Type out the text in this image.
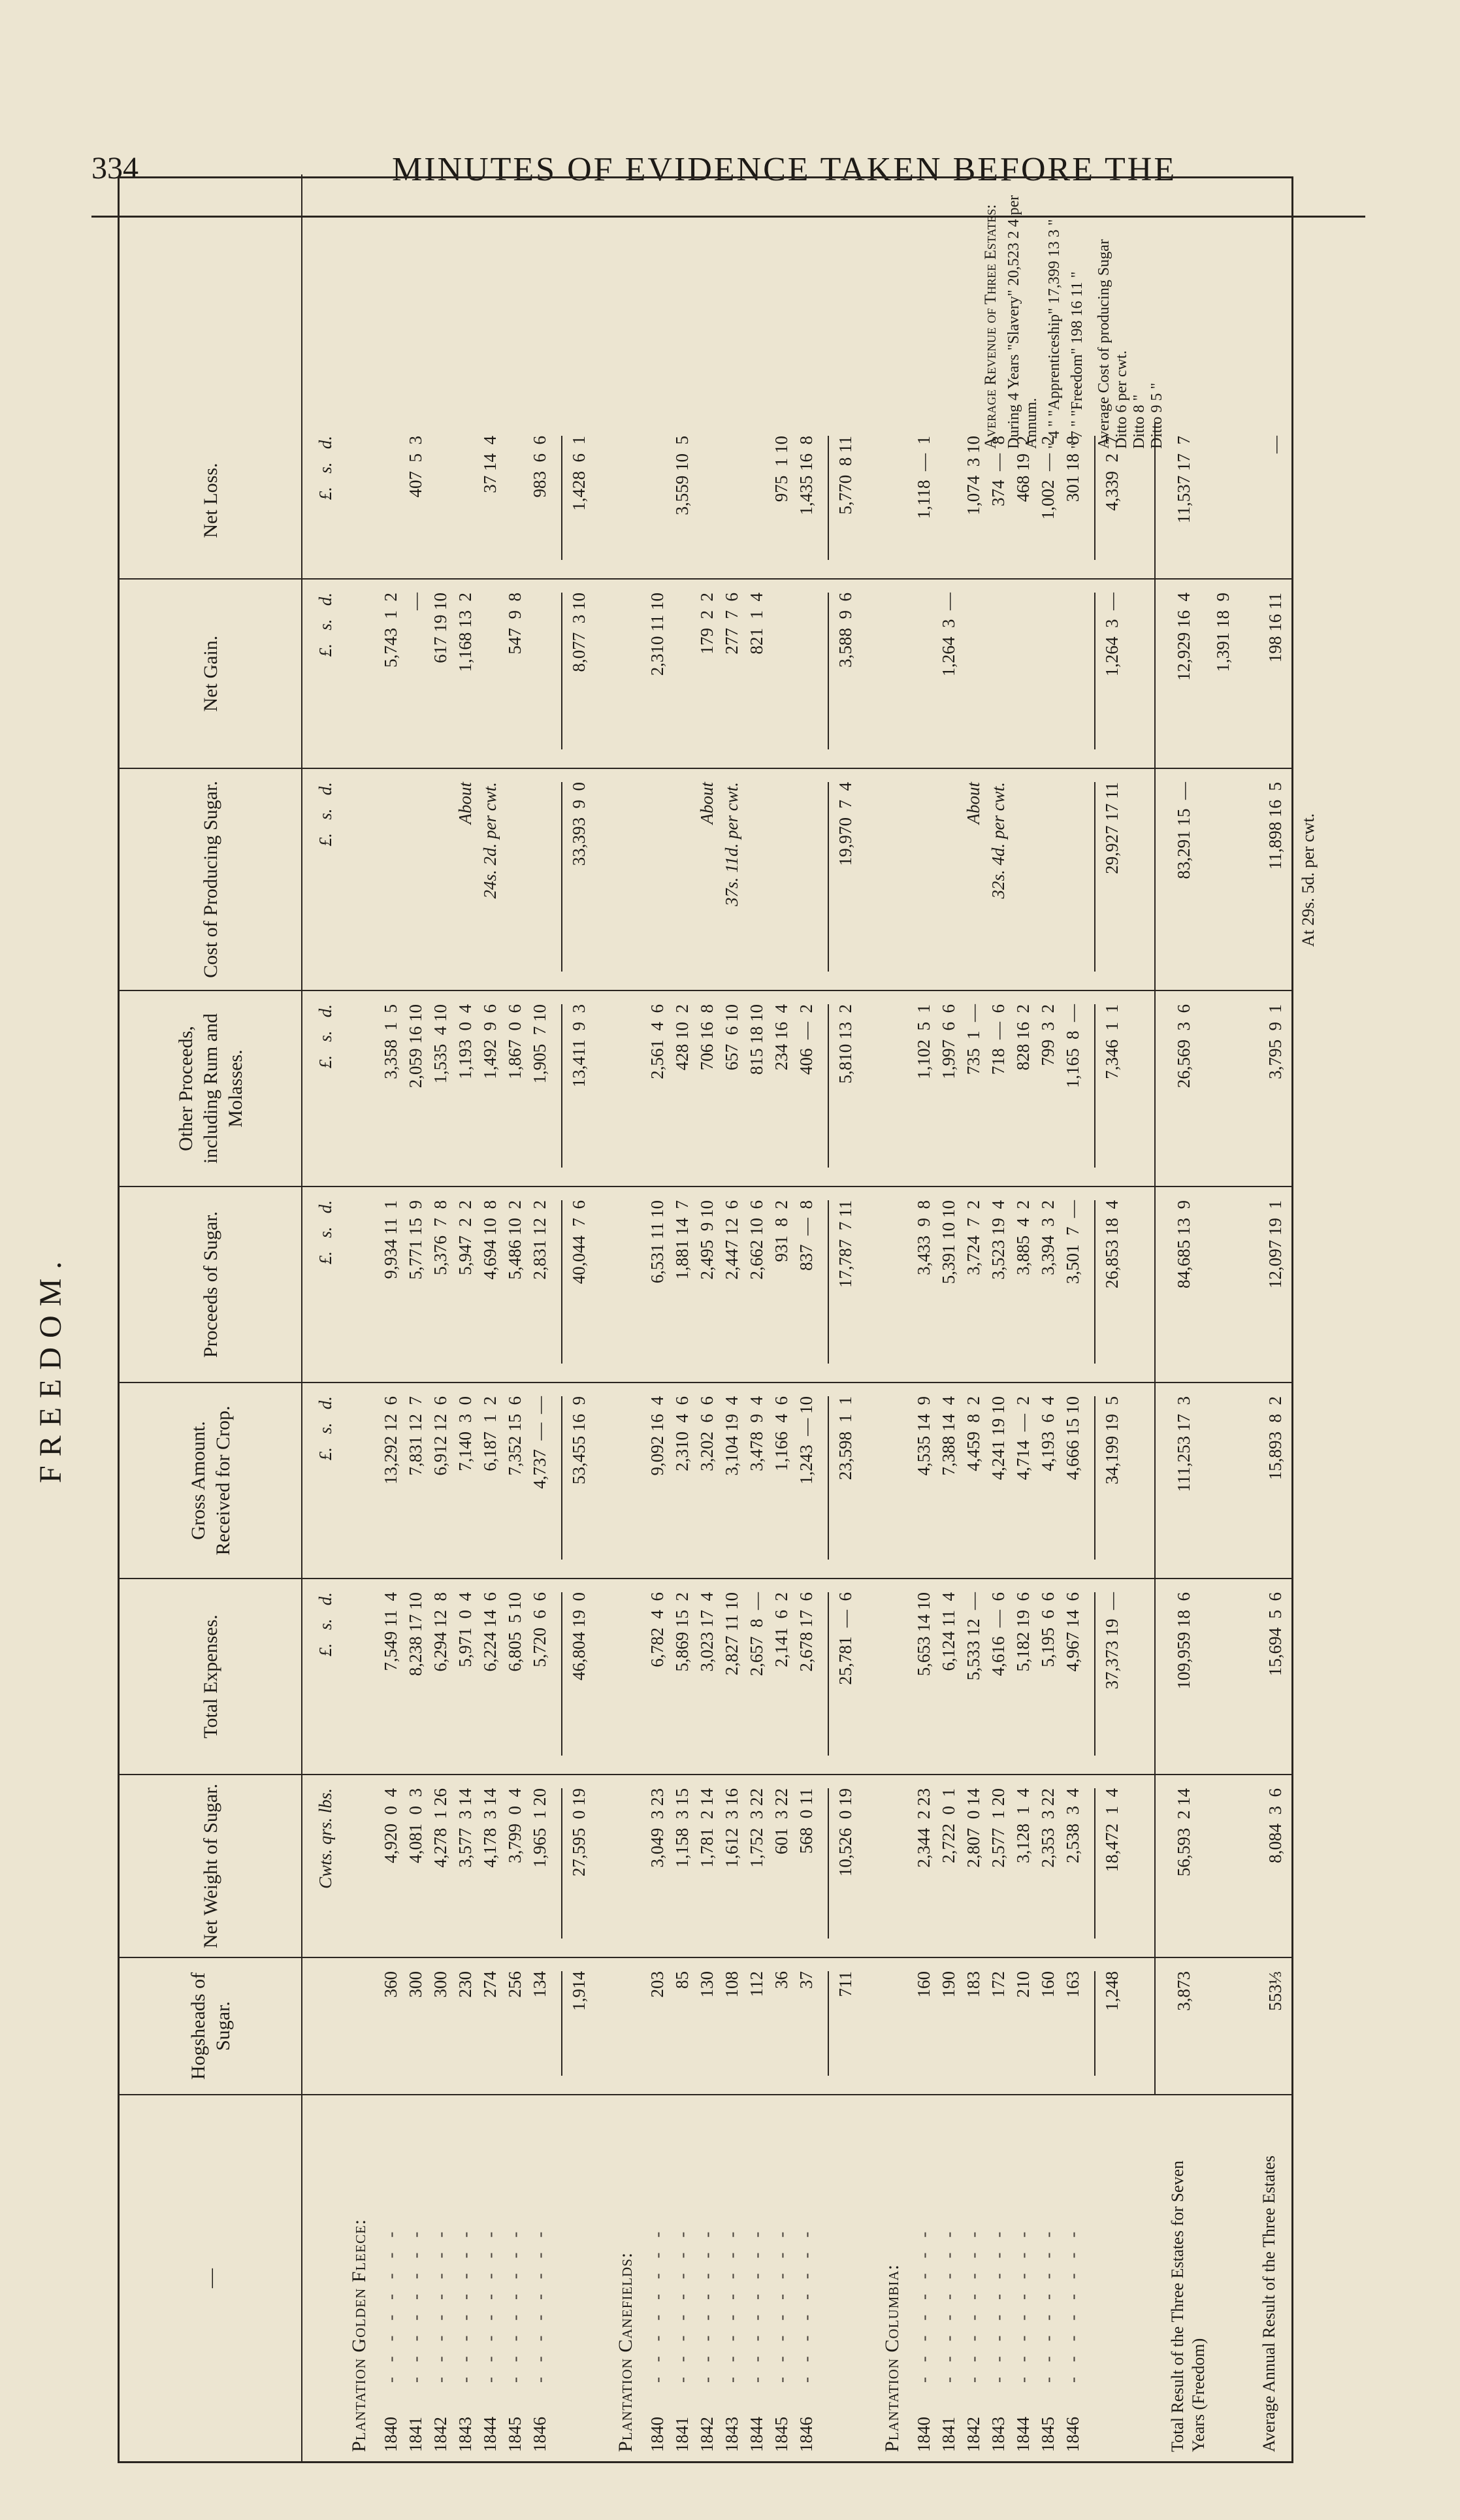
334	MINUTES OF EVIDENCE TAKEN BEFORE THE
FREEDOM.
—
Hogsheads of Sugar.
Net Weight of Sugar.
Total Expenses.
Gross Amount. Received for Crop.
Proceeds of Sugar.
Other Proceeds, including Rum and Molasses.
Cost of Producing Sugar.
Net Gain.
Net Loss.
Cwts. qrs. lbs.
£.   s.   d.
£.   s.   d.
£.   s.   d.
£.   s.   d.
£.   s.   d.
£.   s.   d.
£.   s.   d.
Plantation Golden Fleece: 1840
- - - - - - - -
360
4,920  0  4
7,549 11  4
13,292 12  6
9,934 11  1
3,358  1  5
5,743  1  2
1841
- - - - - - - -
300
4,081  0  3
8,238 17 10
7,831 12  7
5,771 15  9
2,059 16 10
—
407  5  3
1842
- - - - - - - -
300
4,278  1 26
6,294 12  8
6,912 12  6
5,376  7  8
1,535  4 10
617 19 10
1843
- - - - - - - -
230
3,577  3 14
5,971  0  4
7,140  3  0
5,947  2  2
1,193  0  4
About
1,168 13  2
1844
- - - - - - - -
274
4,178  3 14
6,224 14  6
6,187  1  2
4,694 10  8
1,492  9  6
24s. 2d. per cwt.
37 14  4
1845
- - - - - - - -
256
3,799  0  4
6,805  5 10
7,352 15  6
5,486 10  2
1,867  0  6
547  9  8
1846
- - - - - - - -
134
1,965  1 20
5,720  6  6
4,737  —  —
2,831 12  2
1,905  7 10
983  6  6
1,914
27,595  0 19
46,804 19  0
53,455 16  9
40,044  7  6
13,411  9  3
33,393  9  0
8,077  3 10
1,428  6  1
Plantation Canefields: 1840
- - - - - - - -
203
3,049  3 23
6,782  4  6
9,092 16  4
6,531 11 10
2,561  4  6
2,310 11 10
1841
- - - - - - - -
85
1,158  3 15
5,869 15  2
2,310  4  6
1,881 14  7
428 10  2
3,559 10  5
1842
- - - - - - - -
130
1,781  2 14
3,023 17  4
3,202  6  6
2,495  9 10
706 16  8
About
179  2  2
1843
- - - - - - - -
108
1,612  3 16
2,827 11 10
3,104 19  4
2,447 12  6
657  6 10
37s. 11d. per cwt.
277  7  6
1844
- - - - - - - -
112
1,752  3 22
2,657  8  —
3,478  9  4
2,662 10  6
815 18 10
821  1  4
1845
- - - - - - - -
36
601  3 22
2,141  6  2
1,166  4  6
931  8  2
234 16  4
975  1 10
1846
- - - - - - - -
37
568  0 11
2,678 17  6
1,243  — 10
837  —  8
406  —  2
1,435 16  8
711
10,526  0 19
25,781  —  6
23,598  1  1
17,787  7 11
5,810 13  2
19,970  7  4
3,588  9  6
5,770  8 11
Plantation Columbia: 1840
- - - - - - - -
160
2,344  2 23
5,653 14 10
4,535 14  9
3,433  9  8
1,102  5  1
1,118  —  1
1841
- - - - - - - -
190
2,722  0  1
6,124 11  4
7,388 14  4
5,391 10 10
1,997  6  6
1,264  3  —
1842
- - - - - - - -
183
2,807  0 14
5,533 12  —
4,459  8  2
3,724  7  2
735  1  —
About
1,074  3 10
1843
- - - - - - - -
172
2,577  1 20
4,616  —  6
4,241 19 10
3,523 19  4
718  —  6
32s. 4d. per cwt.
374  —  8
1844
- - - - - - - -
210
3,128  1  4
5,182 19  6
4,714  —  2
3,885  4  2
828 16  2
468 19  2
1845
- - - - - - - -
160
2,353  3 22
5,195  6  6
4,193  6  4
3,394  3  2
799  3  2
1,002  —  2
1846
- - - - - - - -
163
2,538  3  4
4,967 14  6
4,666 15 10
3,501  7  —
1,165  8  —
301 18  8
1,248
18,472  1  4
37,373 19  —
34,199 19  5
26,853 18  4
7,346  1  1
29,927 17 11
1,264  3  —
4,339  2  7
Total Result of the Three Estates for Seven Years (Freedom)
3,873
56,593  2 14
109,959 18  6
111,253 17  3
84,685 13  9
26,569  3  6
83,291 15  —
12,929 16  4
11,537 17  7
1,391 18  9
Average Annual Result of the Three Estates
553⅓
8,084  3  6
15,694  5  6
15,893  8  2
12,097 19  1
3,795  9  1
11,898 16  5
198 16 11
—
At 29s. 5d. per cwt.
Average Revenue of Three Estates: During 4 Years "Slavery" 20,523 2 4 per Annum. " 4 " "Apprenticeship" 17,399 13 3 "
" 7 " "Freedom" 198 16 11 " Average Cost of producing Sugar Ditto 6 per cwt.
Ditto 8 "
Ditto 9 5 "
